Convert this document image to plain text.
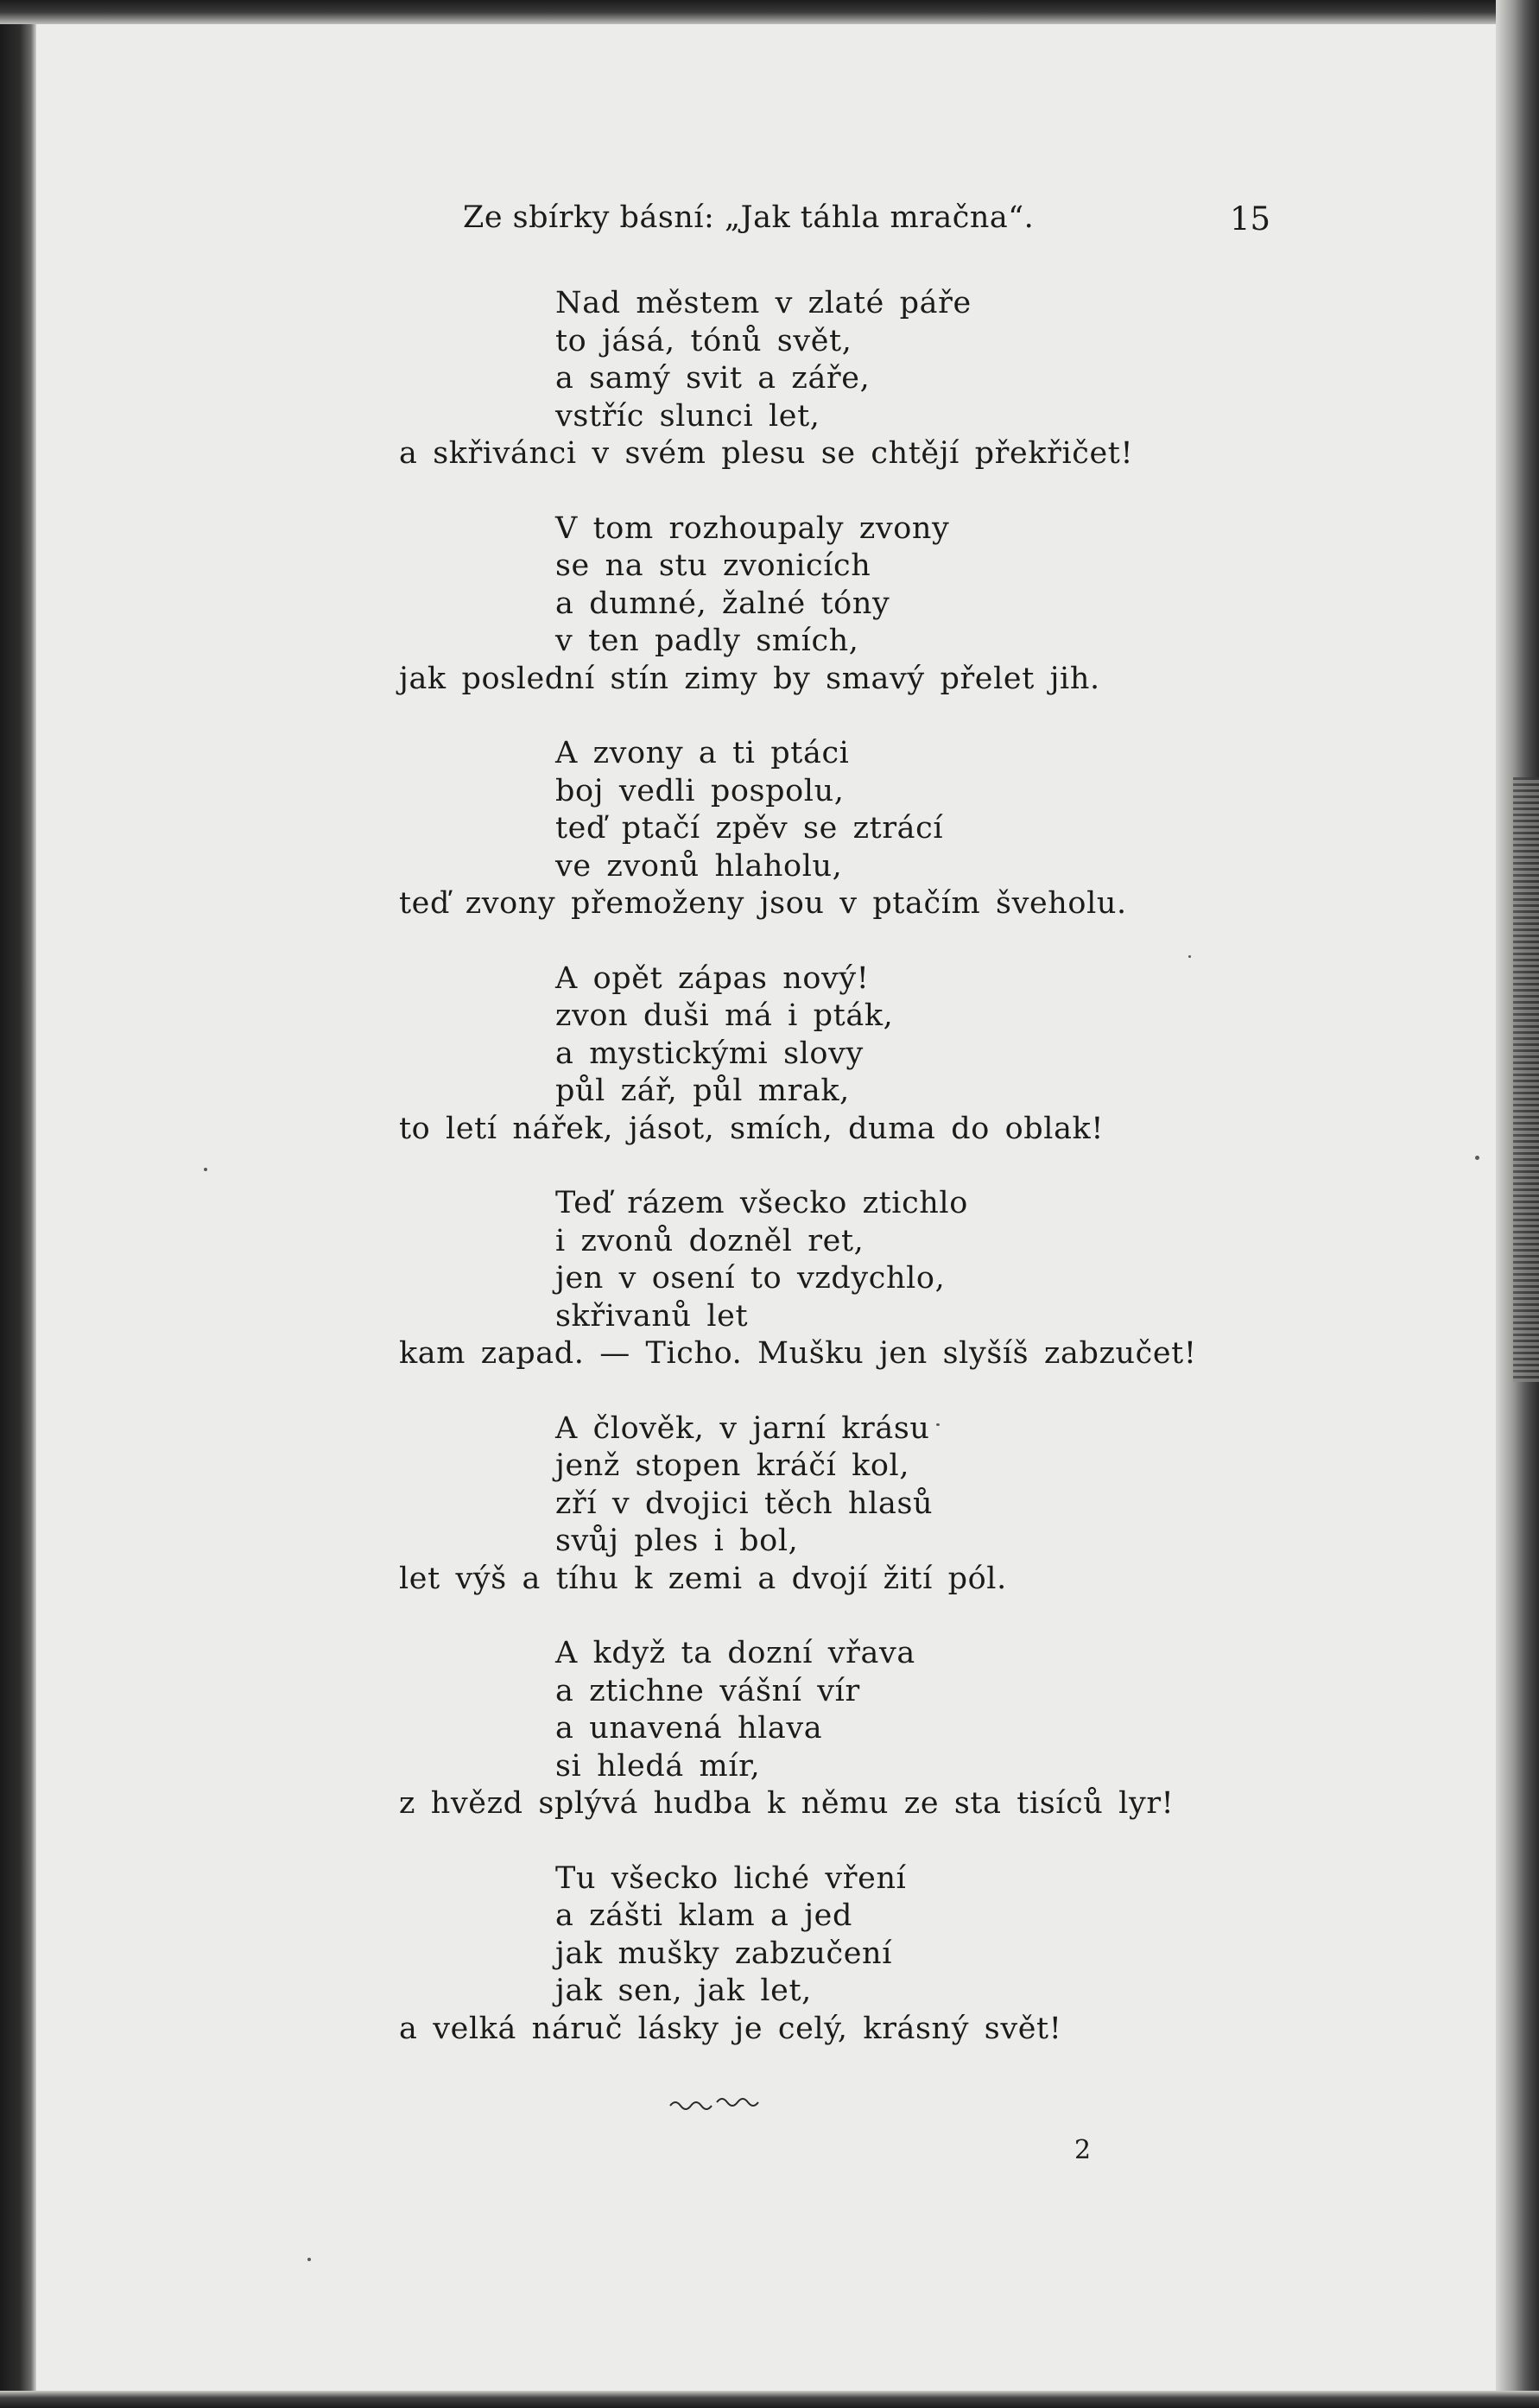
Ze sbírky básní: „Jak táhla mračna“.	15
Nad městem v zlaté páře
to jásá, tónů svět,
a samý svit a záře,
vstříc slunci let,
a skřivánci v svém plesu se chtějí překřičet!
V tom rozhoupaly zvony
se na stu zvonicích
a dumné, žalné tóny
v ten padly smích,
jak poslední stín zimy by smavý přelet jih.
A zvony a ti ptáci
boj vedli pospolu,
teď ptačí zpěv se ztrácí
ve zvonů hlaholu,
teď zvony přemoženy jsou v ptačím šveholu.
A opět zápas nový!
zvon duši má i pták,
a mystickými slovy
půl zář, půl mrak,
to letí nářek, jásot, smích, duma do oblak!
Teď rázem všecko ztichlo
i zvonů dozněl ret,
jen v osení to vzdychlo,
skřivanů let
kam zapad. — Ticho. Mušku jen slyšíš zabzučet!
A člověk, v jarní krásu
jenž stopen kráčí kol,
zří v dvojici těch hlasů
svůj ples i bol,
let výš a tíhu k zemi a dvojí žití pól.
A když ta dozní vřava
a ztichne vášní vír
a unavená hlava
si hledá mír,
z hvězd splývá hudba k němu ze sta tisíců lyr!
Tu všecko liché vření
a zášti klam a jed
jak mušky zabzučení
jak sen, jak let,
a velká náruč lásky je celý, krásný svět!
2
